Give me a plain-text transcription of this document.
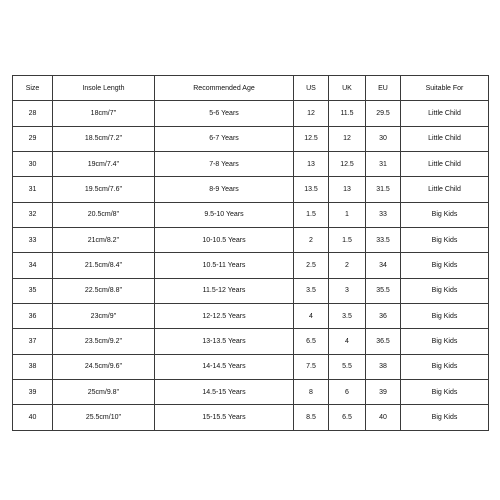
Size	Insole Length	Recommended Age	US	UK	EU	Suitable For
28	18cm/7''	5-6 Years	12	11.5	29.5	Little Child
29	18.5cm/7.2''	6-7 Years	12.5	12	30	Little Child
30	19cm/7.4''	7-8 Years	13	12.5	31	Little Child
31	19.5cm/7.6''	8-9 Years	13.5	13	31.5	Little Child
32	20.5cm/8''	9.5-10 Years	1.5	1	33	Big Kids
33	21cm/8.2''	10-10.5 Years	2	1.5	33.5	Big Kids
34	21.5cm/8.4''	10.5-11 Years	2.5	2	34	Big Kids
35	22.5cm/8.8''	11.5-12 Years	3.5	3	35.5	Big Kids
36	23cm/9''	12-12.5 Years	4	3.5	36	Big Kids
37	23.5cm/9.2''	13-13.5 Years	6.5	4	36.5	Big Kids
38	24.5cm/9.6''	14-14.5 Years	7.5	5.5	38	Big Kids
39	25cm/9.8''	14.5-15 Years	8	6	39	Big Kids
40	25.5cm/10''	15-15.5 Years	8.5	6.5	40	Big Kids
